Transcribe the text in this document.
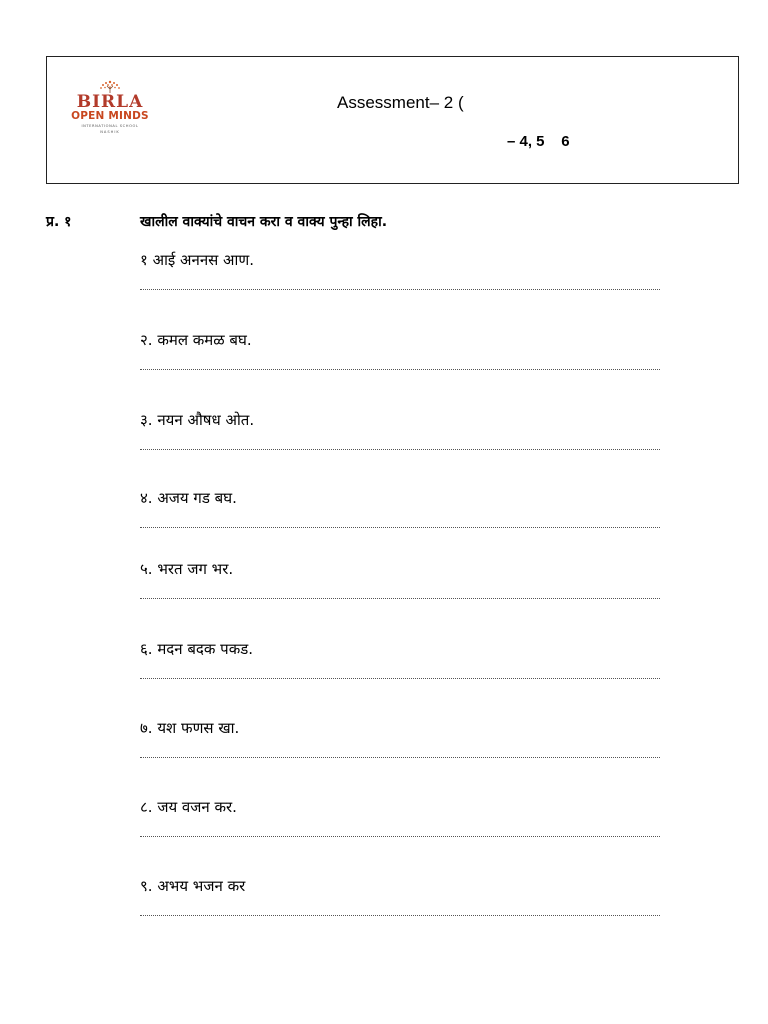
BIRLA
OPEN MINDS
INTERNATIONAL SCHOOL
NASHIK
Assessment– 2 (
– 4, 5    6
प्र. १	खालील वाक्यांचे वाचन करा व वाक्य पुन्हा लिहा.
१ आई अननस आण.
२. कमल कमळ बघ.
३. नयन औषध ओत.
४. अजय गड बघ.
५. भरत जग भर.
६. मदन बदक पकड.
७. यश फणस खा.
८. जय वजन कर.
९. अभय भजन कर
